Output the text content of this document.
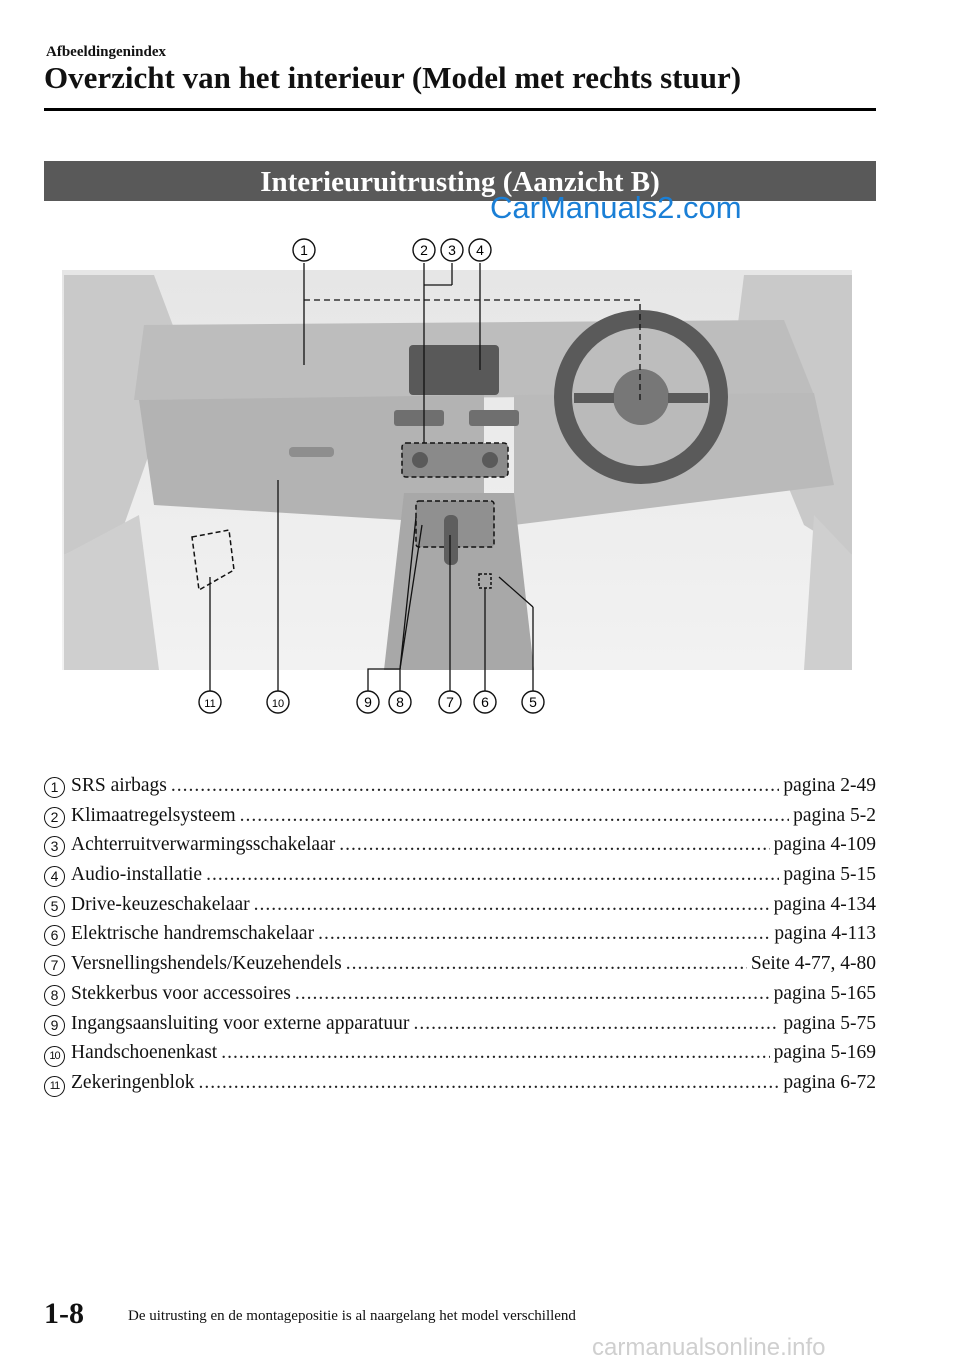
Afbeeldingenindex
Overzicht van het interieur (Model met rechts stuur)
Interieuruitrusting (Aanzicht B)
CarManuals2.com
1	2 3 4
11	10	9 8	7 6	5
1 SRS airbags .....	pagina 2-49
2 Klimaatregelsysteem .....	pagina 5-2
3 Achterruitverwarmingsschakelaar .....	pagina 4-109
4 Audio-installatie .....	pagina 5-15
5 Drive-keuzeschakelaar .....	pagina 4-134
6 Elektrische handremschakelaar .....	pagina 4-113
7 Versnellingshendels/Keuzehendels .....	Seite 4-77, 4-80
8 Stekkerbus voor accessoires .....	pagina 5-165
9 Ingangsaansluiting voor externe apparatuur .....	pagina 5-75
10 Handschoenenkast .....	pagina 5-169
11 Zekeringenblok .....	pagina 6-72
1-8	De uitrusting en de montagepositie is al naargelang het model verschillend
carmanualsonline.info
